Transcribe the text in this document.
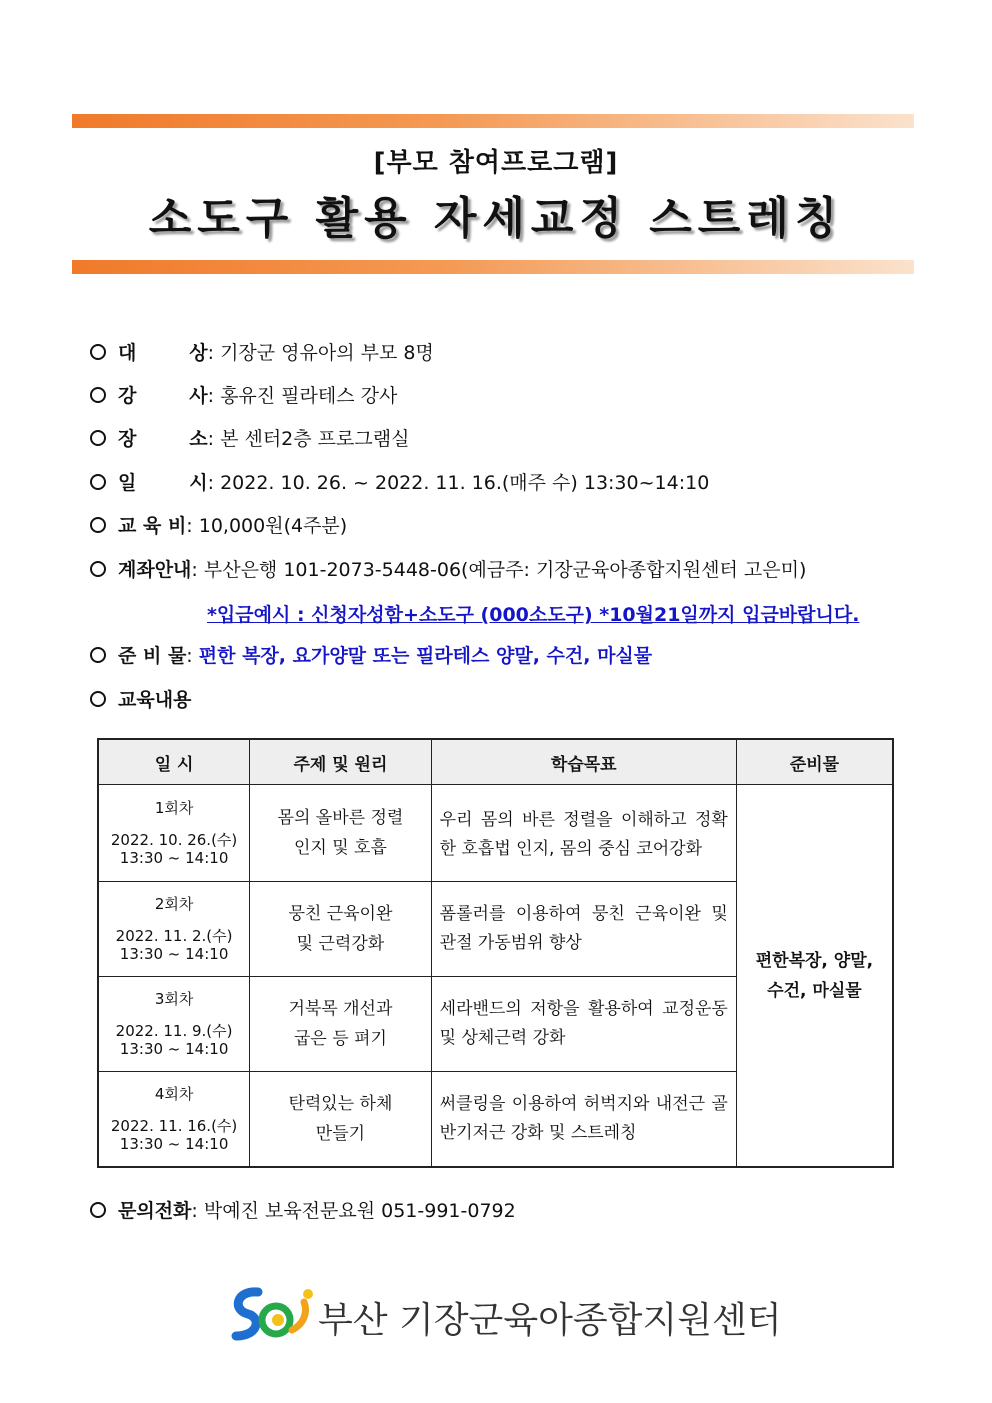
[부모 참여프로그램]
소도구 활용 자세교정 스트레칭
대        상: 기장군 영유아의 부모 8명
강        사: 홍유진 필라테스 강사
장        소: 본 센터2층 프로그램실
일        시: 2022. 10. 26. ~ 2022. 11. 16.(매주 수) 13:30~14:10
교 육 비: 10,000원(4주분)
계좌안내: 부산은행 101-2073-5448-06(예금주: 기장군육아종합지원센터 고은미)
*입금예시 : 신청자성함+소도구 (000소도구) *10월21일까지 입금바랍니다.
준 비 물: 편한 복장, 요가양말 또는 필라테스 양말, 수건, 마실물
교육내용
일 시	주제 및 원리	학습목표	준비물

1회차
2022. 10. 26.(수)
13:30 ~ 14:10	몸의 올바른 정렬
인지 및 호흡	우리 몸의 바른 정렬을 이해하고 정확한 호흡법 인지, 몸의 중심 코어강화	편한복장, 양말,
수건, 마실물

2회차
2022. 11. 2.(수)
13:30 ~ 14:10	뭉친 근육이완
및 근력강화	폼롤러를 이용하여 뭉친 근육이완 및 관절 가동범위 향상	

3회차
2022. 11. 9.(수)
13:30 ~ 14:10	거북목 개선과
굽은 등 펴기	세라밴드의 저항을 활용하여 교정운동 및 상체근력 강화	

4회차
2022. 11. 16.(수)
13:30 ~ 14:10	탄력있는 하체
만들기	써클링을 이용하여 허벅지와 내전근 골반기저근 강화 및 스트레칭	
문의전화: 박예진 보육전문요원 051-991-0792
부산 기장군육아종합지원센터
